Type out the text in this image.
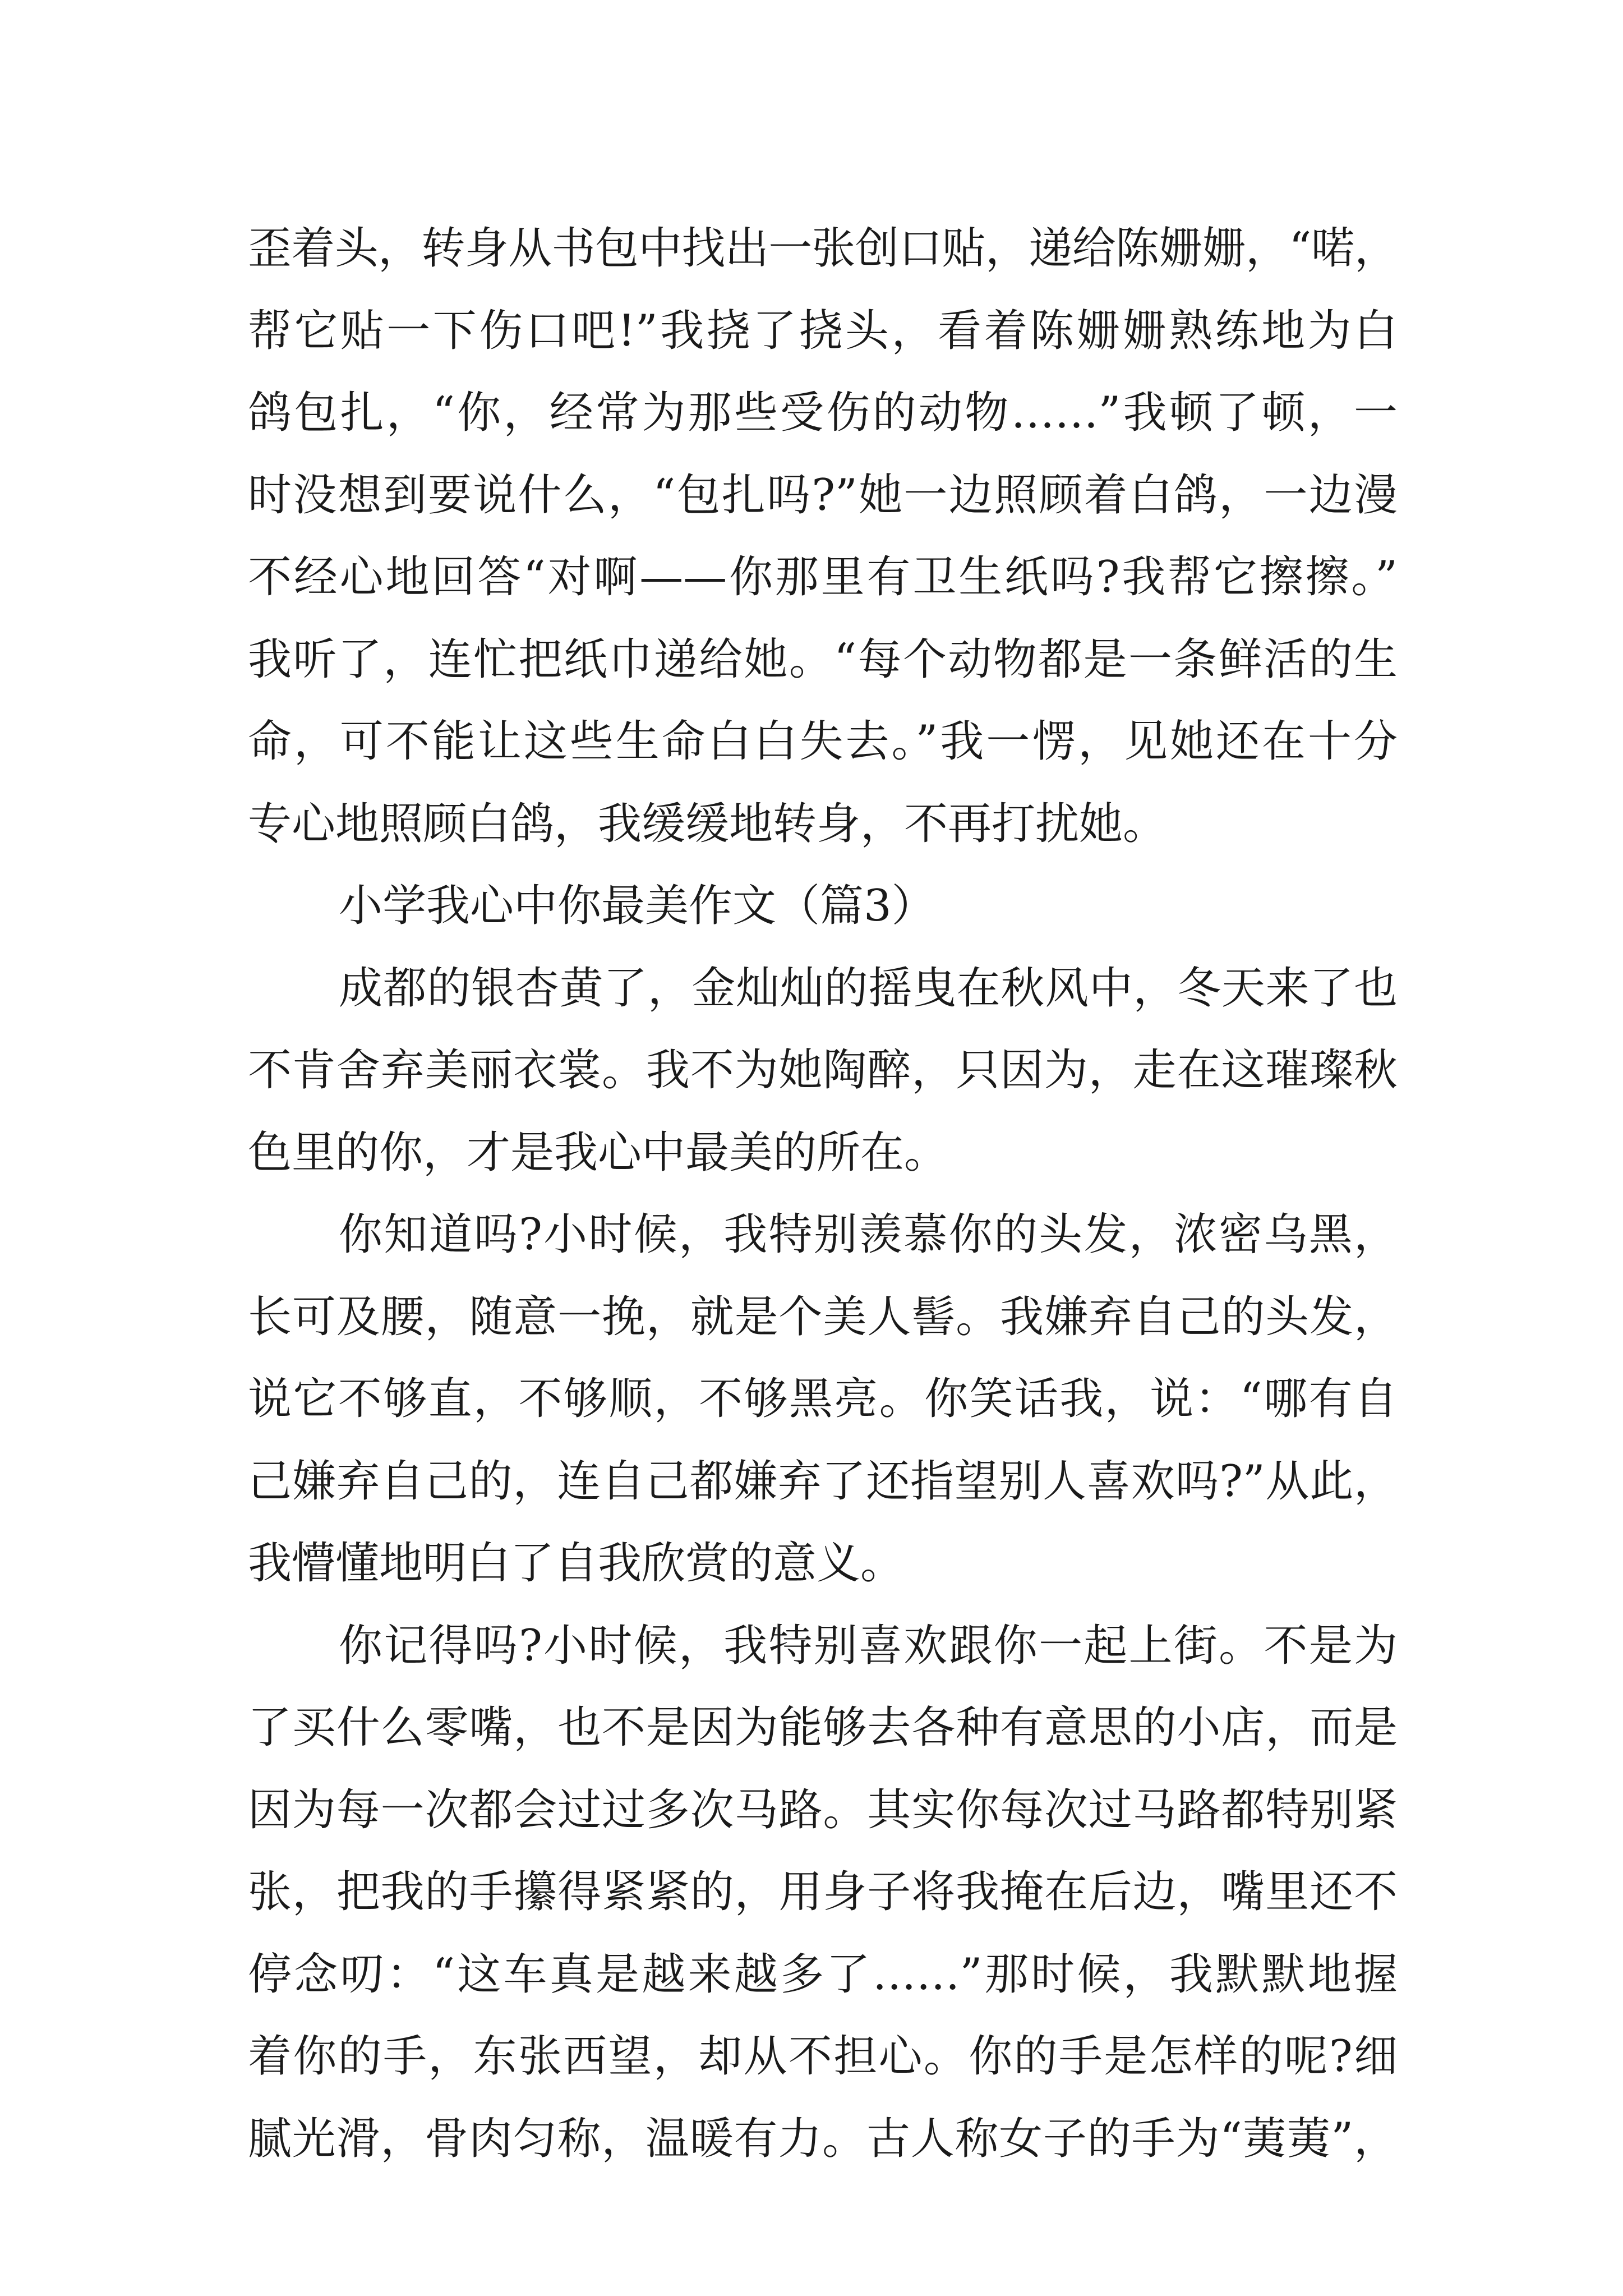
歪着头，转身从书包中找出一张创口贴，递给陈姗姗，“喏，
帮它贴一下伤口吧!”我挠了挠头，看着陈姗姗熟练地为白
鸽包扎，“你，经常为那些受伤的动物……”我顿了顿，一
时没想到要说什么，“包扎吗?”她一边照顾着白鸽，一边漫
不经心地回答“对啊——你那里有卫生纸吗?我帮它擦擦。”
我听了，连忙把纸巾递给她。“每个动物都是一条鲜活的生
命，可不能让这些生命白白失去。”我一愣，见她还在十分
专心地照顾白鸽，我缓缓地转身，不再打扰她。
小学我心中你最美作文（篇3）
成都的银杏黄了，金灿灿的摇曳在秋风中，冬天来了也
不肯舍弃美丽衣裳。我不为她陶醉，只因为，走在这璀璨秋
色里的你，才是我心中最美的所在。
你知道吗?小时候，我特别羡慕你的头发，浓密乌黑，
长可及腰，随意一挽，就是个美人髻。我嫌弃自己的头发，
说它不够直，不够顺，不够黑亮。你笑话我，说：“哪有自
己嫌弃自己的，连自己都嫌弃了还指望别人喜欢吗?”从此，
我懵懂地明白了自我欣赏的意义。
你记得吗?小时候，我特别喜欢跟你一起上街。不是为
了买什么零嘴，也不是因为能够去各种有意思的小店，而是
因为每一次都会过过多次马路。其实你每次过马路都特别紧
张，把我的手攥得紧紧的，用身子将我掩在后边，嘴里还不
停念叨：“这车真是越来越多了……”那时候，我默默地握
着你的手，东张西望，却从不担心。你的手是怎样的呢?细
腻光滑，骨肉匀称，温暖有力。古人称女子的手为“荑荑”，
